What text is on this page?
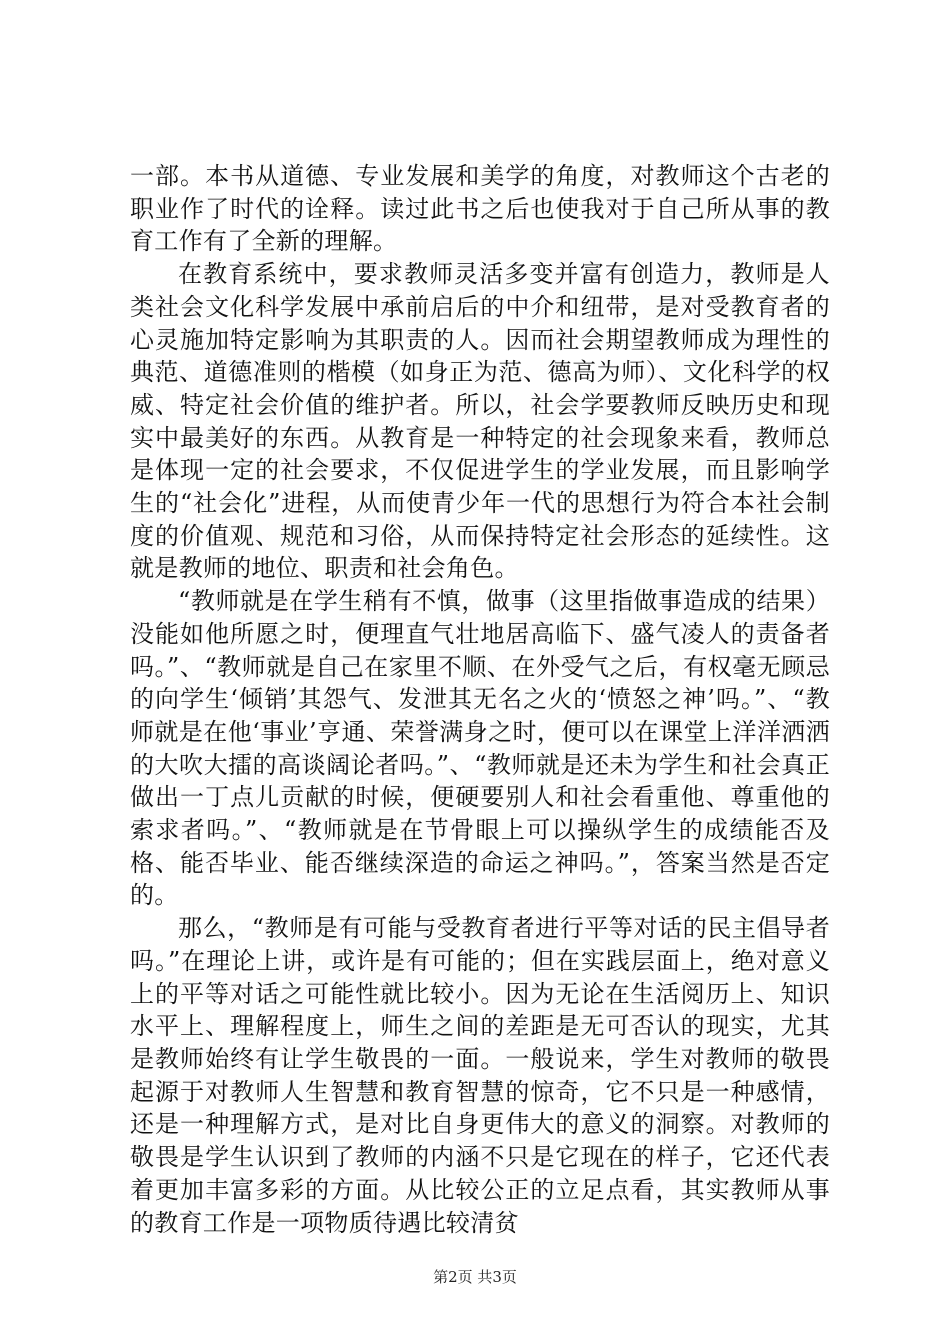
一部。本书从道德、专业发展和美学的角度，对教师这个古老的职业作了时代的诠释。读过此书之后也使我对于自己所从事的教育工作有了全新的理解。

在教育系统中，要求教师灵活多变并富有创造力，教师是人类社会文化科学发展中承前启后的中介和纽带，是对受教育者的心灵施加特定影响为其职责的人。因而社会期望教师成为理性的典范、道德准则的楷模（如身正为范、德高为师）、文化科学的权威、特定社会价值的维护者。所以，社会学要教师反映历史和现实中最美好的东西。从教育是一种特定的社会现象来看，教师总是体现一定的社会要求，不仅促进学生的学业发展，而且影响学生的“社会化”进程，从而使青少年一代的思想行为符合本社会制度的价值观、规范和习俗，从而保持特定社会形态的延续性。这就是教师的地位、职责和社会角色。

“教师就是在学生稍有不慎，做事（这里指做事造成的结果）没能如他所愿之时，便理直气壮地居高临下、盛气凌人的责备者吗。”、“教师就是自己在家里不顺、在外受气之后，有权毫无顾忌的向学生‘倾销’其怨气、发泄其无名之火的‘愤怒之神’吗。”、“教师就是在他‘事业’亨通、荣誉满身之时，便可以在课堂上洋洋洒洒的大吹大擂的高谈阔论者吗。”、“教师就是还未为学生和社会真正做出一丁点儿贡献的时候，便硬要别人和社会看重他、尊重他的索求者吗。”、“教师就是在节骨眼上可以操纵学生的成绩能否及格、能否毕业、能否继续深造的命运之神吗。”，答案当然是否定的。

那么，“教师是有可能与受教育者进行平等对话的民主倡导者吗。”在理论上讲，或许是有可能的；但在实践层面上，绝对意义上的平等对话之可能性就比较小。因为无论在生活阅历上、知识水平上、理解程度上，师生之间的差距是无可否认的现实，尤其是教师始终有让学生敬畏的一面。一般说来，学生对教师的敬畏起源于对教师人生智慧和教育智慧的惊奇，它不只是一种感情，还是一种理解方式，是对比自身更伟大的意义的洞察。对教师的敬畏是学生认识到了教师的内涵不只是它现在的样子，它还代表着更加丰富多彩的方面。从比较公正的立足点看，其实教师从事的教育工作是一项物质待遇比较清贫

第2页 共3页
